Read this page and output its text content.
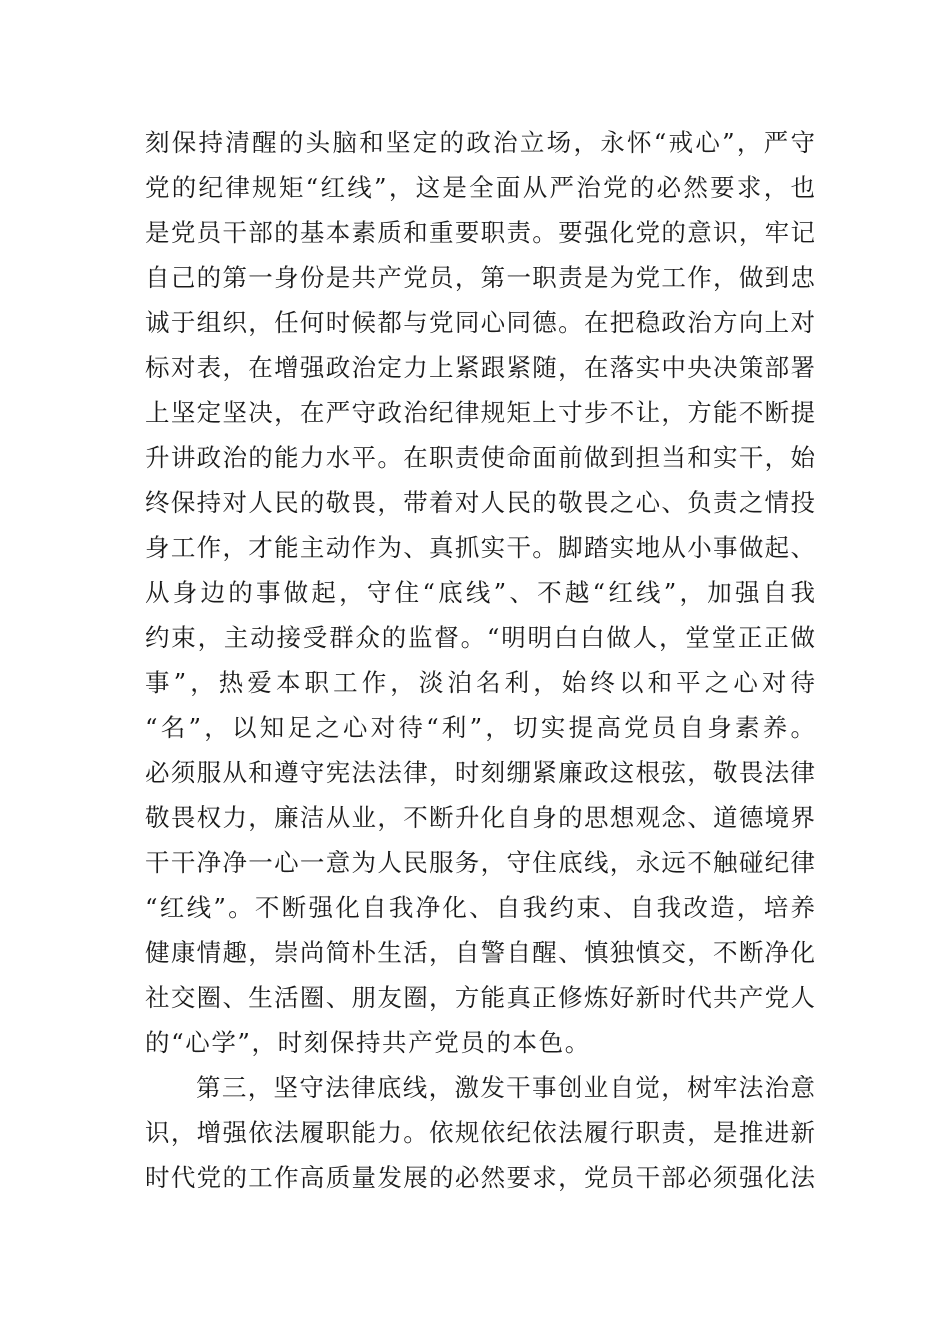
刻保持清醒的头脑和坚定的政治立场，永怀“戒心”，严守
党的纪律规矩“红线”，这是全面从严治党的必然要求，也
是党员干部的基本素质和重要职责。要强化党的意识，牢记
自己的第一身份是共产党员，第一职责是为党工作，做到忠
诚于组织，任何时候都与党同心同德。在把稳政治方向上对
标对表，在增强政治定力上紧跟紧随，在落实中央决策部署
上坚定坚决，在严守政治纪律规矩上寸步不让，方能不断提
升讲政治的能力水平。在职责使命面前做到担当和实干，始
终保持对人民的敬畏，带着对人民的敬畏之心、负责之情投
身工作，才能主动作为、真抓实干。脚踏实地从小事做起、
从身边的事做起，守住“底线”、不越“红线”，加强自我
约束，主动接受群众的监督。“明明白白做人，堂堂正正做
事”，热爱本职工作，淡泊名利，始终以和平之心对待
“名”，以知足之心对待“利”，切实提高党员自身素养。
必须服从和遵守宪法法律，时刻绷紧廉政这根弦，敬畏法律
敬畏权力，廉洁从业，不断升化自身的思想观念、道德境界
干干净净一心一意为人民服务，守住底线，永远不触碰纪律
“红线”。不断强化自我净化、自我约束、自我改造，培养
健康情趣，崇尚简朴生活，自警自醒、慎独慎交，不断净化
社交圈、生活圈、朋友圈，方能真正修炼好新时代共产党人
的“心学”，时刻保持共产党员的本色。
第三，坚守法律底线，激发干事创业自觉，树牢法治意
识，增强依法履职能力。依规依纪依法履行职责，是推进新
时代党的工作高质量发展的必然要求，党员干部必须强化法
